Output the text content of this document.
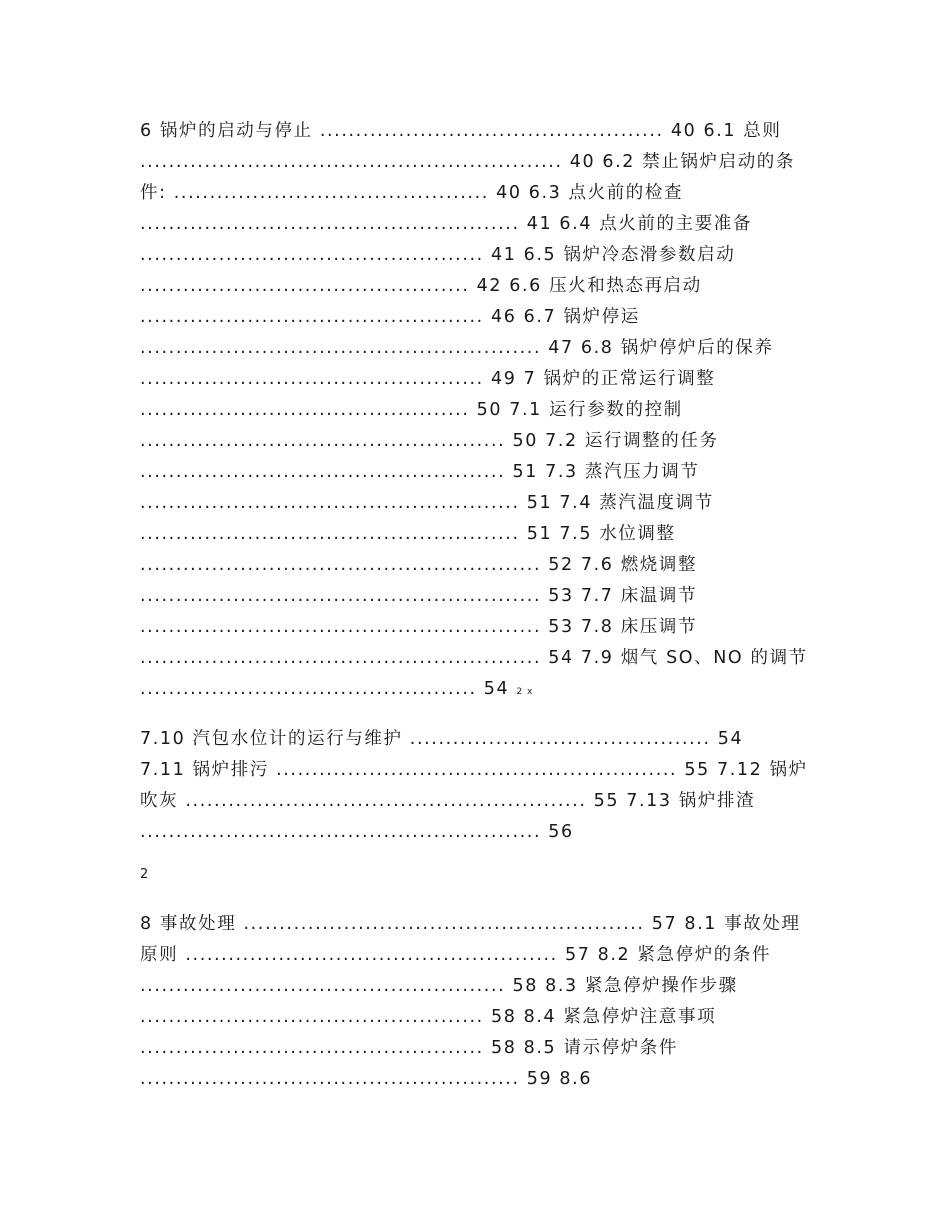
6 锅炉的启动与停止 ................................................ 40 6.1 总则
........................................................... 40 6.2 禁止锅炉启动的条
件: ............................................ 40 6.3 点火前的检查
..................................................... 41 6.4 点火前的主要准备
................................................ 41 6.5 锅炉冷态滑参数启动
.............................................. 42 6.6 压火和热态再启动
................................................ 46 6.7 锅炉停运
........................................................ 47 6.8 锅炉停炉后的保养
................................................ 49 7 锅炉的正常运行调整
.............................................. 50 7.1 运行参数的控制
................................................... 50 7.2 运行调整的任务
................................................... 51 7.3 蒸汽压力调节
..................................................... 51 7.4 蒸汽温度调节
..................................................... 51 7.5 水位调整
........................................................ 52 7.6 燃烧调整
........................................................ 53 7.7 床温调节
........................................................ 53 7.8 床压调节
........................................................ 54 7.9 烟气 SO、NO 的调节
............................................... 54 2 x
7.10 汽包水位计的运行与维护 .......................................... 54
7.11 锅炉排污 ........................................................ 55 7.12 锅炉
吹灰 ........................................................ 55 7.13 锅炉排渣
........................................................ 56
2
8 事故处理 ........................................................ 57 8.1 事故处理
原则 .................................................... 57 8.2 紧急停炉的条件
................................................... 58 8.3 紧急停炉操作步骤
................................................ 58 8.4 紧急停炉注意事项
................................................ 58 8.5 请示停炉条件
..................................................... 59 8.6
